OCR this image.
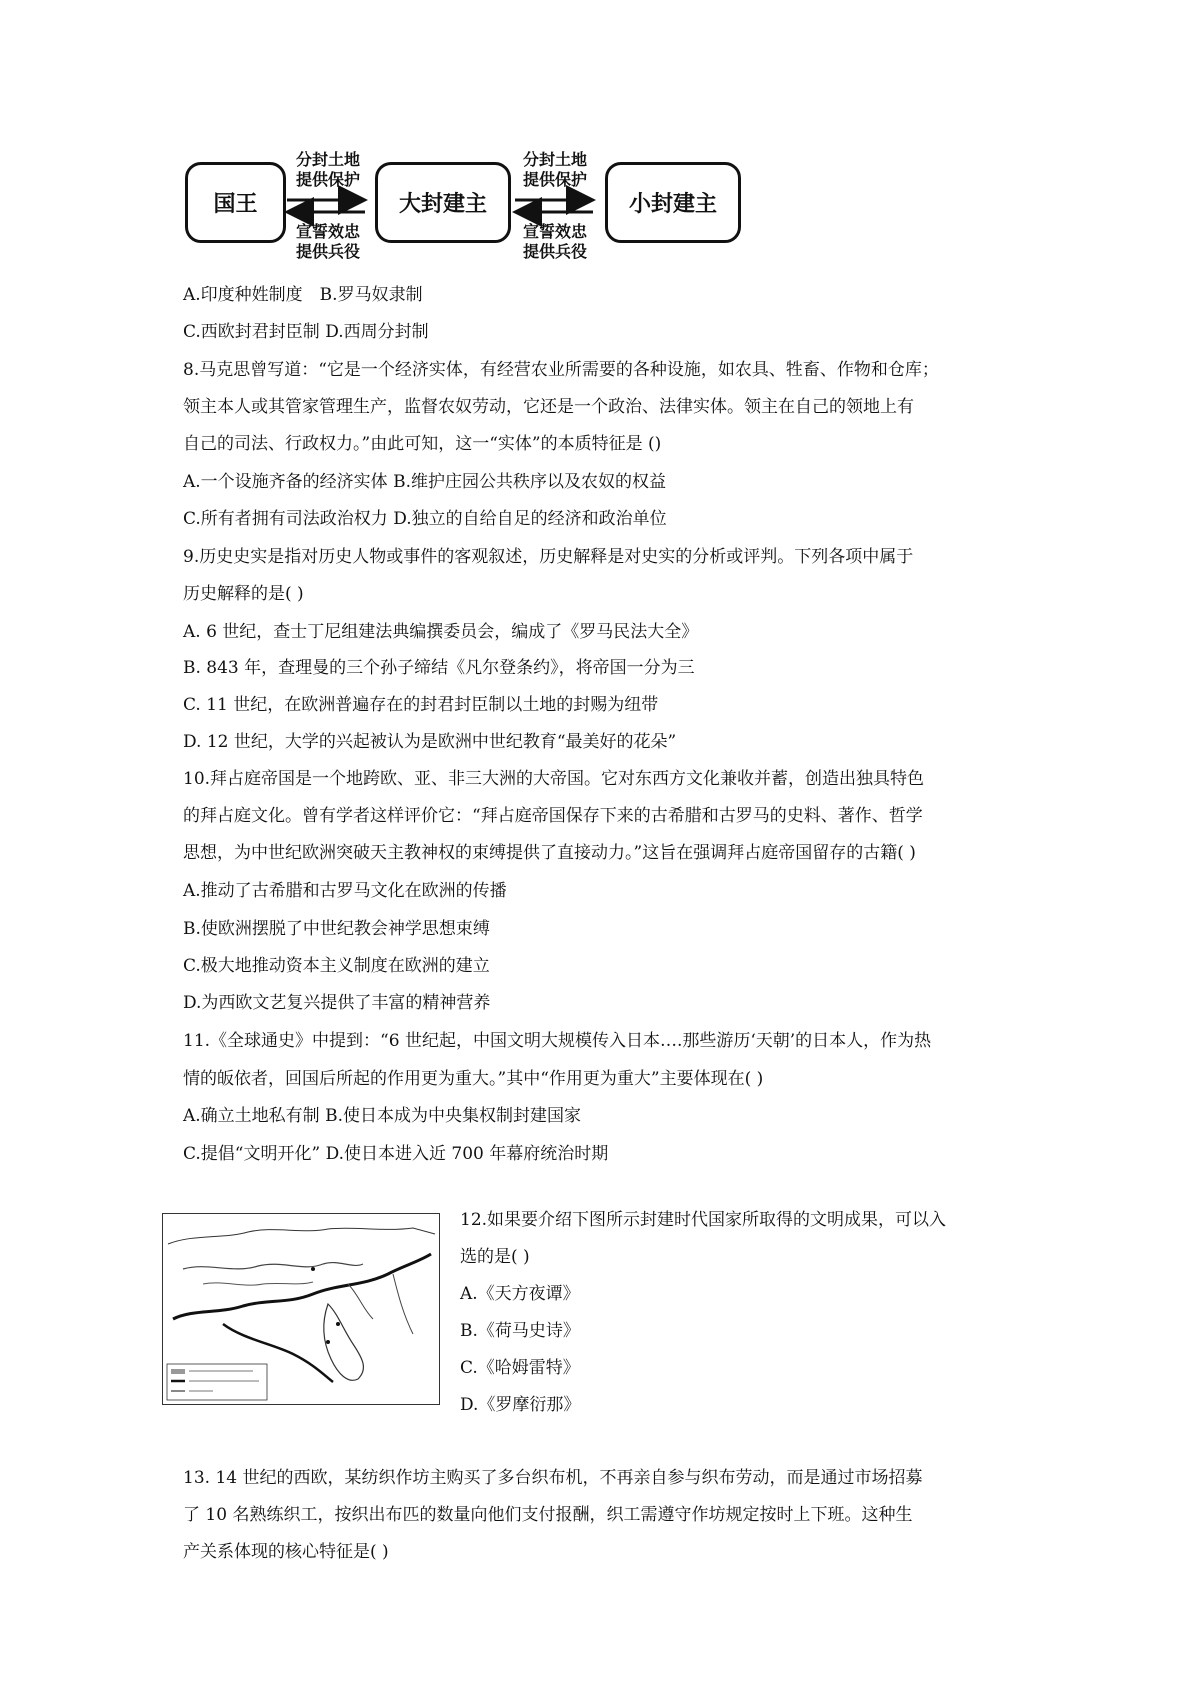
国王	大封建主	小封建主
分封土地
提供保护
宣誓效忠
提供兵役
分封土地
提供保护
宣誓效忠
提供兵役
A.印度种姓制度　B.罗马奴隶制
C.西欧封君封臣制 D.西周分封制
8.马克思曾写道：“它是一个经济实体，有经营农业所需要的各种设施，如农具、牲畜、作物和仓库；
领主本人或其管家管理生产，监督农奴劳动，它还是一个政治、法律实体。领主在自己的领地上有
自己的司法、行政权力。”由此可知，这一“实体”的本质特征是 ()
A.一个设施齐备的经济实体 B.维护庄园公共秩序以及农奴的权益
C.所有者拥有司法政治权力 D.独立的自给自足的经济和政治单位
9.历史史实是指对历史人物或事件的客观叙述，历史解释是对史实的分析或评判。下列各项中属于
历史解释的是( )
A. 6 世纪，查士丁尼组建法典编撰委员会，编成了《罗马民法大全》
B. 843 年，查理曼的三个孙子缔结《凡尔登条约》，将帝国一分为三
C. 11 世纪，在欧洲普遍存在的封君封臣制以土地的封赐为纽带
D. 12 世纪，大学的兴起被认为是欧洲中世纪教育“最美好的花朵”
10.拜占庭帝国是一个地跨欧、亚、非三大洲的大帝国。它对东西方文化兼收并蓄，创造出独具特色
的拜占庭文化。曾有学者这样评价它：“拜占庭帝国保存下来的古希腊和古罗马的史料、著作、哲学
思想，为中世纪欧洲突破天主教神权的束缚提供了直接动力。”这旨在强调拜占庭帝国留存的古籍( )
A.推动了古希腊和古罗马文化在欧洲的传播
B.使欧洲摆脱了中世纪教会神学思想束缚
C.极大地推动资本主义制度在欧洲的建立
D.为西欧文艺复兴提供了丰富的精神营养
11.《全球通史》中提到：“6 世纪起，中国文明大规模传入日本….那些游历‘天朝’的日本人，作为热
情的皈依者，回国后所起的作用更为重大。”其中“作用更为重大”主要体现在( )
A.确立土地私有制 B.使日本成为中央集权制封建国家
C.提倡“文明开化” D.使日本进入近 700 年幕府统治时期
12.如果要介绍下图所示封建时代国家所取得的文明成果，可以入
选的是( )
A.《天方夜谭》
B.《荷马史诗》
C.《哈姆雷特》
D.《罗摩衍那》
13. 14 世纪的西欧，某纺织作坊主购买了多台织布机，不再亲自参与织布劳动，而是通过市场招募
了 10 名熟练织工，按织出布匹的数量向他们支付报酬，织工需遵守作坊规定按时上下班。这种生
产关系体现的核心特征是( )
